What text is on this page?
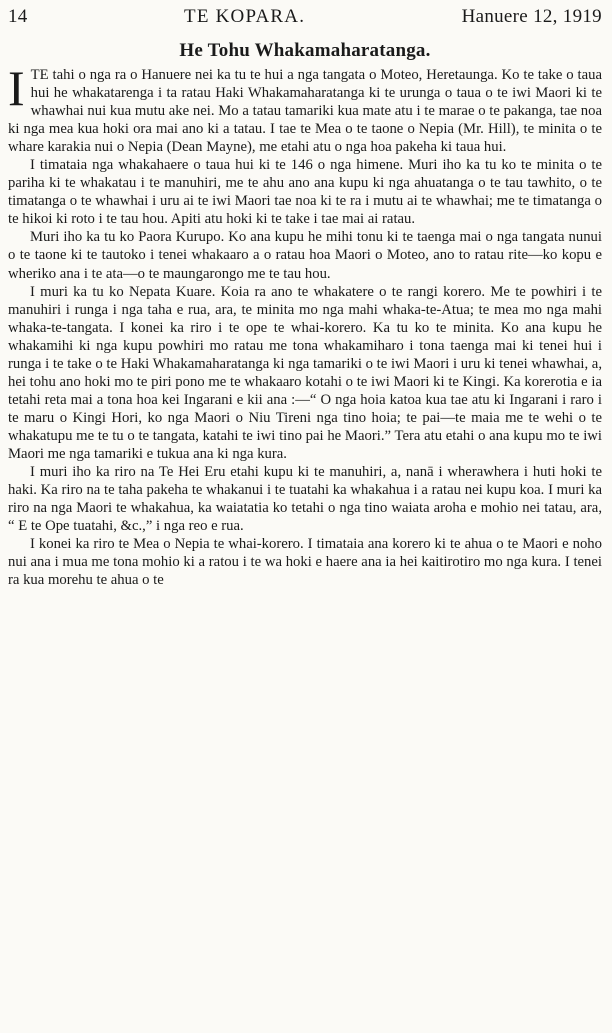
14	TE KOPARA.	Hanuere 12, 1919
He Tohu Whakamaharatanga.

ITE tahi o nga ra o Hanuere nei ka tu te hui a nga tangata o Moteo, Heretaunga. Ko te take o taua hui he whakatarenga i ta ratau Haki Whakamaharatanga ki te urunga o taua o te iwi Maori ki te whawhai nui kua mutu ake nei. Mo a tatau tamariki kua mate atu i te marae o te pakanga, tae noa ki nga mea kua hoki ora mai ano ki a tatau. I tae te Mea o te taone o Nepia (Mr. Hill), te minita o te whare karakia nui o Nepia (Dean Mayne), me etahi atu o nga hoa pakeha ki taua hui.

I timataia nga whakahaere o taua hui ki te 146 o nga himene. Muri iho ka tu ko te minita o te pariha ki te whakatau i te manuhiri, me te ahu ano ana kupu ki nga ahuatanga o te tau tawhito, o te timatanga o te whawhai i uru ai te iwi Maori tae noa ki te ra i mutu ai te whawhai; me te timatanga o te hikoi ki roto i te tau hou. Apiti atu hoki ki te take i tae mai ai ratau.

Muri iho ka tu ko Paora Kurupo. Ko ana kupu he mihi tonu ki te taenga mai o nga tangata nunui o te taone ki te tautoko i tenei whakaaro a o ratau hoa Maori o Moteo, ano to ratau rite—ko kopu e wheriko ana i te ata—o te maungarongo me te tau hou.

I muri ka tu ko Nepata Kuare. Koia ra ano te whakatere o te rangi korero. Me te powhiri i te manuhiri i runga i nga taha e rua, ara, te minita mo nga mahi whaka-te-Atua; te mea mo nga mahi whaka-te-tangata. I konei ka riro i te ope te whai-korero. Ka tu ko te minita. Ko ana kupu he whakamihi ki nga kupu powhiri mo ratau me tona whakamiharo i tona taenga mai ki tenei hui i runga i te take o te Haki Whakamaharatanga ki nga tamariki o te iwi Maori i uru ki tenei whawhai, a, hei tohu ano hoki mo te piri pono me te whakaaro kotahi o te iwi Maori ki te Kingi. Ka korerotia e ia tetahi reta mai a tona hoa kei Ingarani e kii ana :—“ O nga hoia katoa kua tae atu ki Ingarani i raro i te maru o Kingi Hori, ko nga Maori o Niu Tireni nga tino hoia; te pai—te maia me te wehi o te whakatupu me te tu o te tangata, katahi te iwi tino pai he Maori.” Tera atu etahi o ana kupu mo te iwi Maori me nga tamariki e tukua ana ki nga kura.

I muri iho ka riro na Te Hei Eru etahi kupu ki te manuhiri, a, nanā i wherawhera i huti hoki te haki. Ka riro na te taha pakeha te whakanui i te tuatahi ka whakahua i a ratau nei kupu koa. I muri ka riro na nga Maori te whakahua, ka waiatatia ko tetahi o nga tino waiata aroha e mohio nei tatau, ara, “ E te Ope tuatahi, &c.,” i nga reo e rua.

I konei ka riro te Mea o Nepia te whai-korero. I timataia ana korero ki te ahua o te Maori e noho nui ana i mua me tona mohio ki a ratou i te wa hoki e haere ana ia hei kaitirotiro mo nga kura. I tenei ra kua morehu te ahua o te
